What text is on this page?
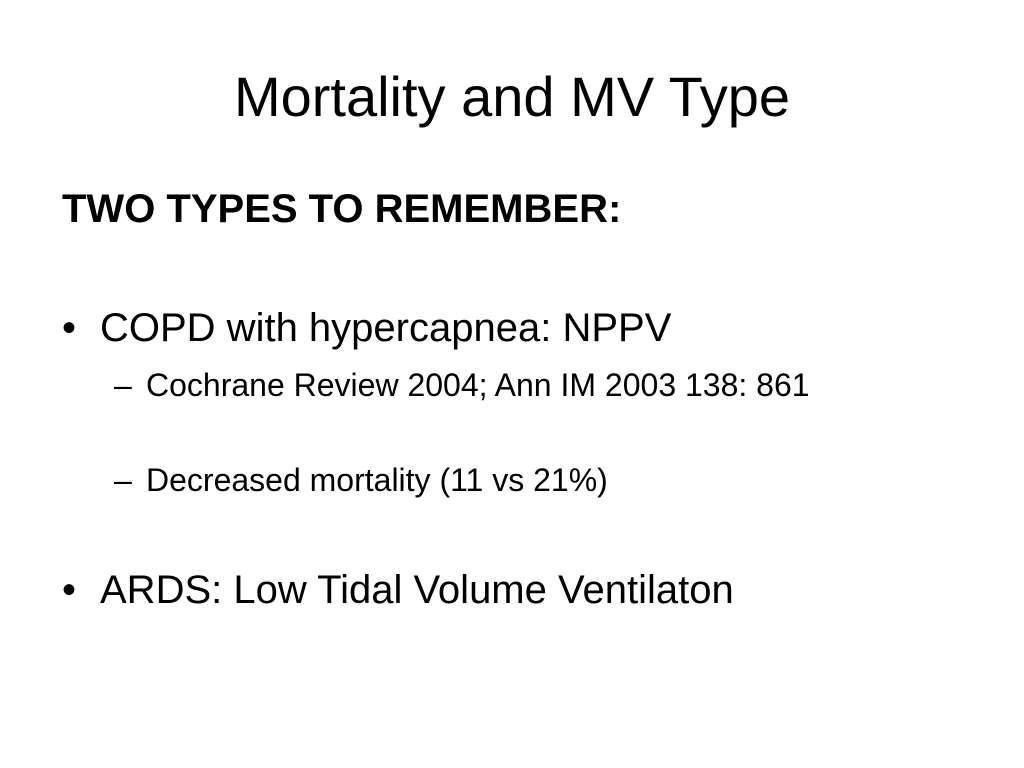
Mortality and MV Type

TWO TYPES TO REMEMBER:

• COPD with hypercapnea: NPPV
– Cochrane Review 2004; Ann IM 2003 138: 861
– Decreased mortality (11 vs 21%)
• ARDS: Low Tidal Volume Ventilaton
